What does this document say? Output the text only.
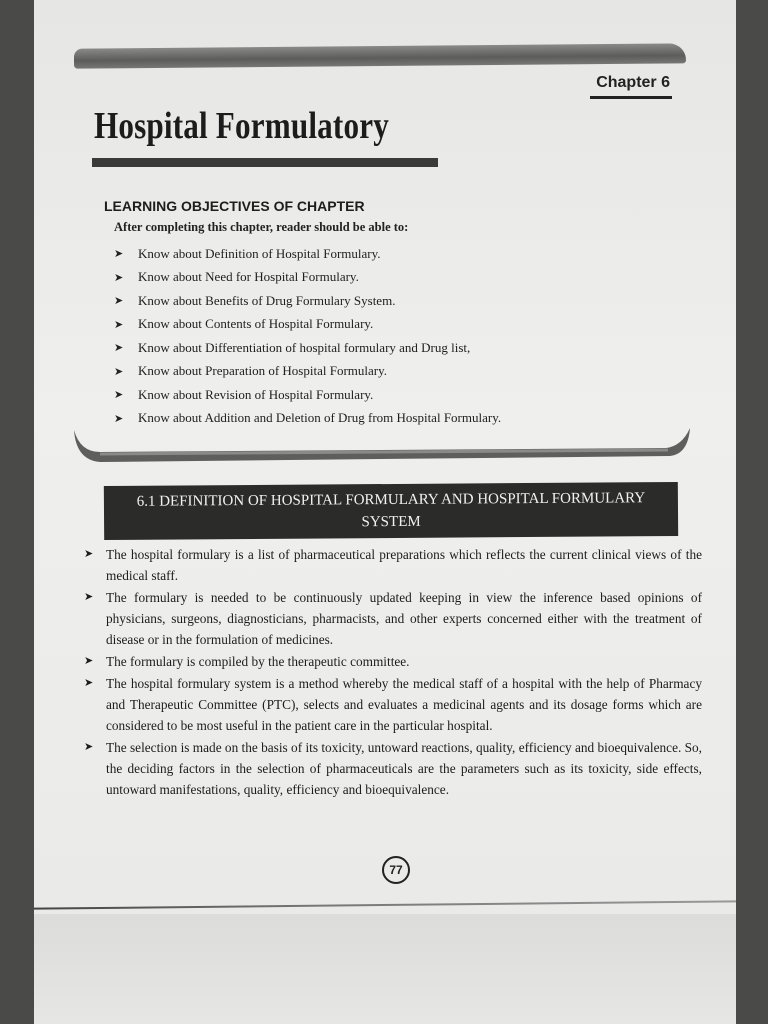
Chapter 6
Hospital Formulatory
LEARNING OBJECTIVES OF CHAPTER
After completing this chapter, reader should be able to:
➤	Know about Definition of Hospital Formulary.
➤	Know about Need for Hospital Formulary.
➤	Know about Benefits of Drug Formulary System.
➤	Know about Contents of Hospital Formulary.
➤	Know about Differentiation of hospital formulary and Drug list,
➤	Know about Preparation of Hospital Formulary.
➤	Know about Revision of Hospital Formulary.
➤	Know about Addition and Deletion of Drug from Hospital Formulary.
6.1 DEFINITION OF HOSPITAL FORMULARY AND HOSPITAL FORMULARY
SYSTEM
➤ The hospital formulary is a list of pharmaceutical preparations which reflects the current clinical views of the medical staff.
➤ The formulary is needed to be continuously updated keeping in view the inference based opinions of physicians, surgeons, diagnosticians, pharmacists, and other experts concerned either with the treatment of disease or in the formulation of medicines.
➤ The formulary is compiled by the therapeutic committee.
➤ The hospital formulary system is a method whereby the medical staff of a hospital with the help of Pharmacy and Therapeutic Committee (PTC), selects and evaluates a medicinal agents and its dosage forms which are considered to be most useful in the patient care in the particular hospital.
➤ The selection is made on the basis of its toxicity, untoward reactions, quality, efficiency and bioequivalence. So, the deciding factors in the selection of pharmaceuticals are the parameters such as its toxicity, side effects, untoward manifestations, quality, efficiency and bioequivalence.
77
